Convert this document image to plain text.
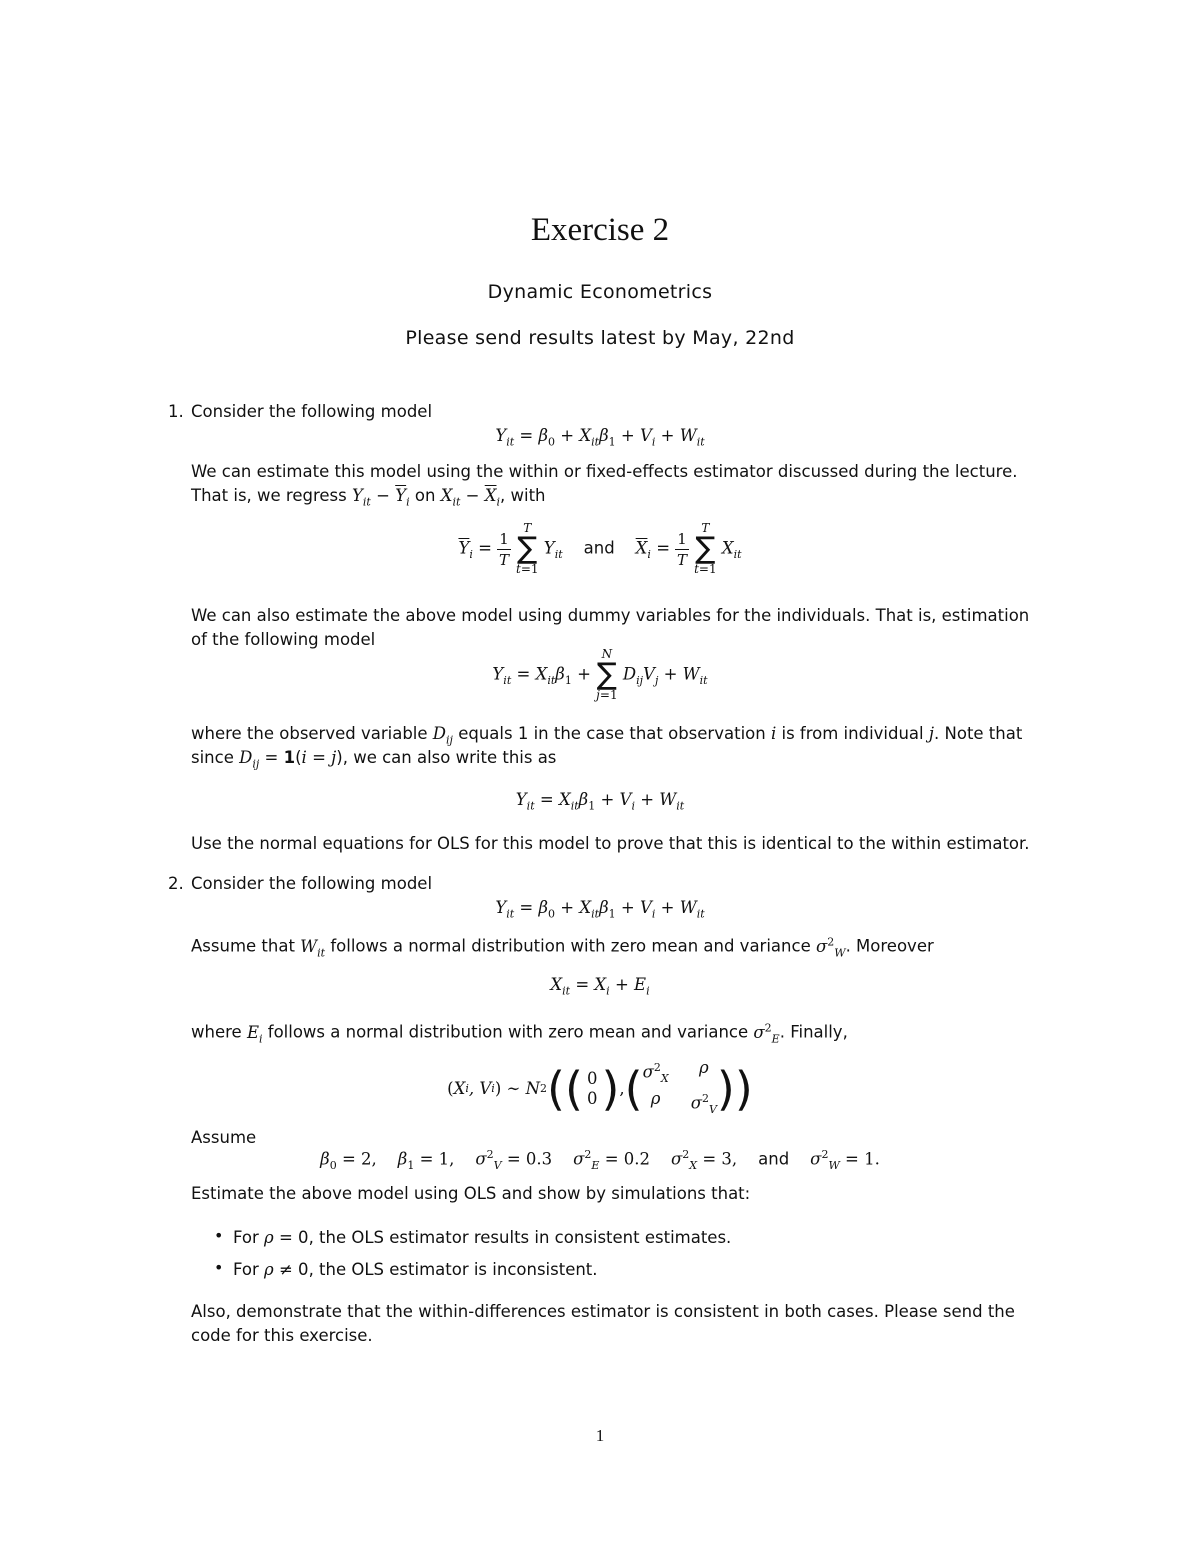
Exercise 2
Dynamic Econometrics
Please send results latest by May, 22nd
1. Consider the following model
$Y_{it} = \beta_0 + X_{it}\beta_1 + V_i + W_{it}$
We can estimate this model using the within or fixed-effects estimator discussed during the lecture.
That is, we regress $Y_{it} - \overline{Y}_i$ on $X_{it} - \overline{X}_i$, with
$\overline{Y}_i = \frac{1}{T}$

T
∑
t=1
$Y_{it}$ and $\overline{X}_i = \frac{1}{T}$

T
∑
t=1
$X_{it}$
We can also estimate the above model using dummy variables for the individuals. That is, estimation
of the following model
$Y_{it} = X_{it}\beta_1$ +
N
∑
j=1
$D_{ij}V_j + W_{it}$
where the observed variable $D_{ij}$ equals 1 in the case that observation i is from individual j. Note that
since $D_{ij} = 1(i = j)$, we can also write this as
$Y_{it} = X_{it}\beta_1 + V_i + W_{it}$
Use the normal equations for OLS for this model to prove that this is identical to the within estimator.
2. Consider the following model
$Y_{it} = \beta_0 + X_{it}\beta_1 + V_i + W_{it}$
Assume that $W_{it}$ follows a normal distribution with zero mean and variance $\sigma^2_W$. Moreover
$X_{it} = X_i + E_i$
where $E_i$ follows a normal distribution with zero mean and variance $\sigma^2_E$. Finally,
( X i , V i )
∼ N 2 ( ( 0
0 ) , ( $\sigma^2_X$
ρ
ρ	$\sigma^2_V$ ) )
Assume
$\beta_0 = 2$,    $\beta_1 = 1$,    $\sigma^2_V = 0.3$    $\sigma^2_E = 0.2$    $\sigma^2_X = 3$, and    $\sigma^2_W = 1$.
Estimate the above model using OLS and show by simulations that:
• For ρ = 0, the OLS estimator results in consistent estimates.
• For ρ ≠ 0, the OLS estimator is inconsistent.
Also, demonstrate that the within-differences estimator is consistent in both cases. Please send the
code for this exercise.
1
